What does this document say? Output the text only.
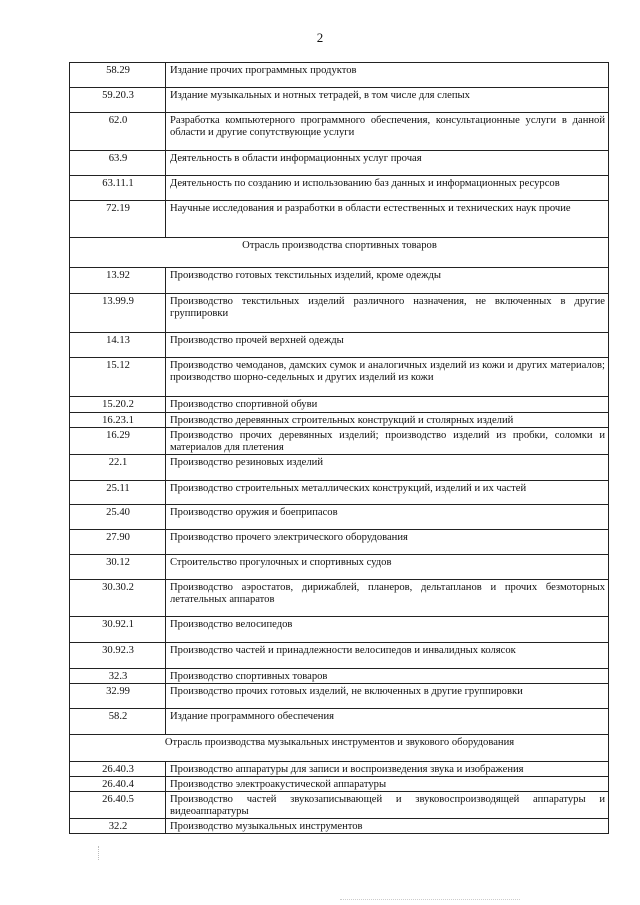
2
58.29	Издание прочих программных продуктов
59.20.3	Издание музыкальных и нотных тетрадей, в том числе для слепых
62.0	Разработка компьютерного программного обеспечения, консультационные услуги в данной области и другие сопутствующие услуги
63.9	Деятельность в области информационных услуг прочая
63.11.1	Деятельность по созданию и использованию баз данных и информационных ресурсов
72.19	Научные исследования и разработки в области естественных и технических наук прочие
Отрасль производства спортивных товаров	
13.92	Производство готовых текстильных изделий, кроме одежды
13.99.9	Производство текстильных изделий различного назначения, не включенных в другие группировки
14.13	Производство прочей верхней одежды
15.12	Производство чемоданов, дамских сумок и аналогичных изделий из кожи и других материалов; производство шорно-седельных и других изделий из кожи
15.20.2	Производство спортивной обуви
16.23.1	Производство деревянных строительных конструкций и столярных изделий
16.29	Производство прочих деревянных изделий; производство изделий из пробки, соломки и материалов для плетения
22.1	Производство резиновых изделий
25.11	Производство строительных металлических конструкций, изделий и их частей
25.40	Производство оружия и боеприпасов
27.90	Производство прочего электрического оборудования
30.12	Строительство прогулочных и спортивных судов
30.30.2	Производство аэростатов, дирижаблей, планеров, дельтапланов и прочих безмоторных летательных аппаратов
30.92.1	Производство велосипедов
30.92.3	Производство частей и принадлежности велосипедов и инвалидных колясок
32.3	Производство спортивных товаров
32.99	Производство прочих готовых изделий, не включенных в другие группировки
58.2	Издание программного обеспечения
Отрасль производства музыкальных инструментов и звукового оборудования	
26.40.3	Производство аппаратуры для записи и воспроизведения звука и изображения
26.40.4	Производство электроакустической аппаратуры
26.40.5	Производство частей звукозаписывающей и звуковоспроизводящей аппаратуры и видеоаппаратуры
32.2	Производство музыкальных инструментов
